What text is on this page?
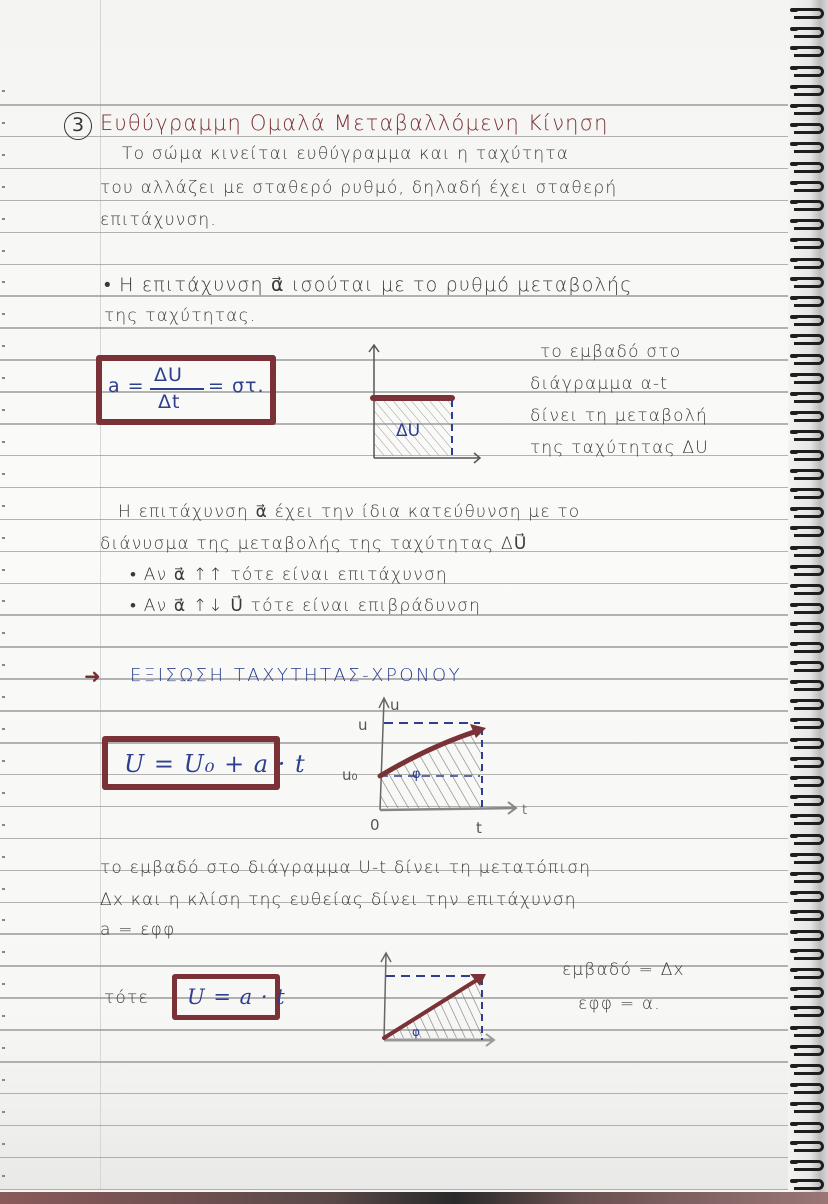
3 Ευθύγραμμη Ομαλά Μεταβαλλόμενη Κίνηση
Το σώμα κινείται ευθύγραμμα και η ταχύτητα
του αλλάζει με σταθερό ρυθμό, δηλαδή έχει σταθερή
επιτάχυνση.
• Η επιτάχυνση α⃗ ισούται με το ρυθμό μεταβολής
της ταχύτητας.
a = ΔU
Δt
= στ.
ΔU
το εμβαδό στο
διάγραμμα α-t
δίνει τη μεταβολή
της ταχύτητας ΔU
Η επιτάχυνση α⃗ έχει την ίδια κατεύθυνση με το
διάνυσμα της μεταβολής της ταχύτητας ΔU⃗
• Αν α⃗ ↑↑ τότε είναι επιτάχυνση
• Αν α⃗ ↑↓ U⃗ τότε είναι επιβράδυνση
➜ ΕΞΙΣΩΣΗ ΤΑΧΥΤΗΤΑΣ-ΧΡΟΝΟΥ
U = U₀ + a · t
u
u
u₀	φ
0	t
t
το εμβαδό στο διάγραμμα U-t δίνει τη μετατόπιση
Δx και η κλίση της ευθείας δίνει την επιτάχυνση
a = εφφ
τότε U = a · t
φ
εμβαδό = Δx
εφφ = α.
